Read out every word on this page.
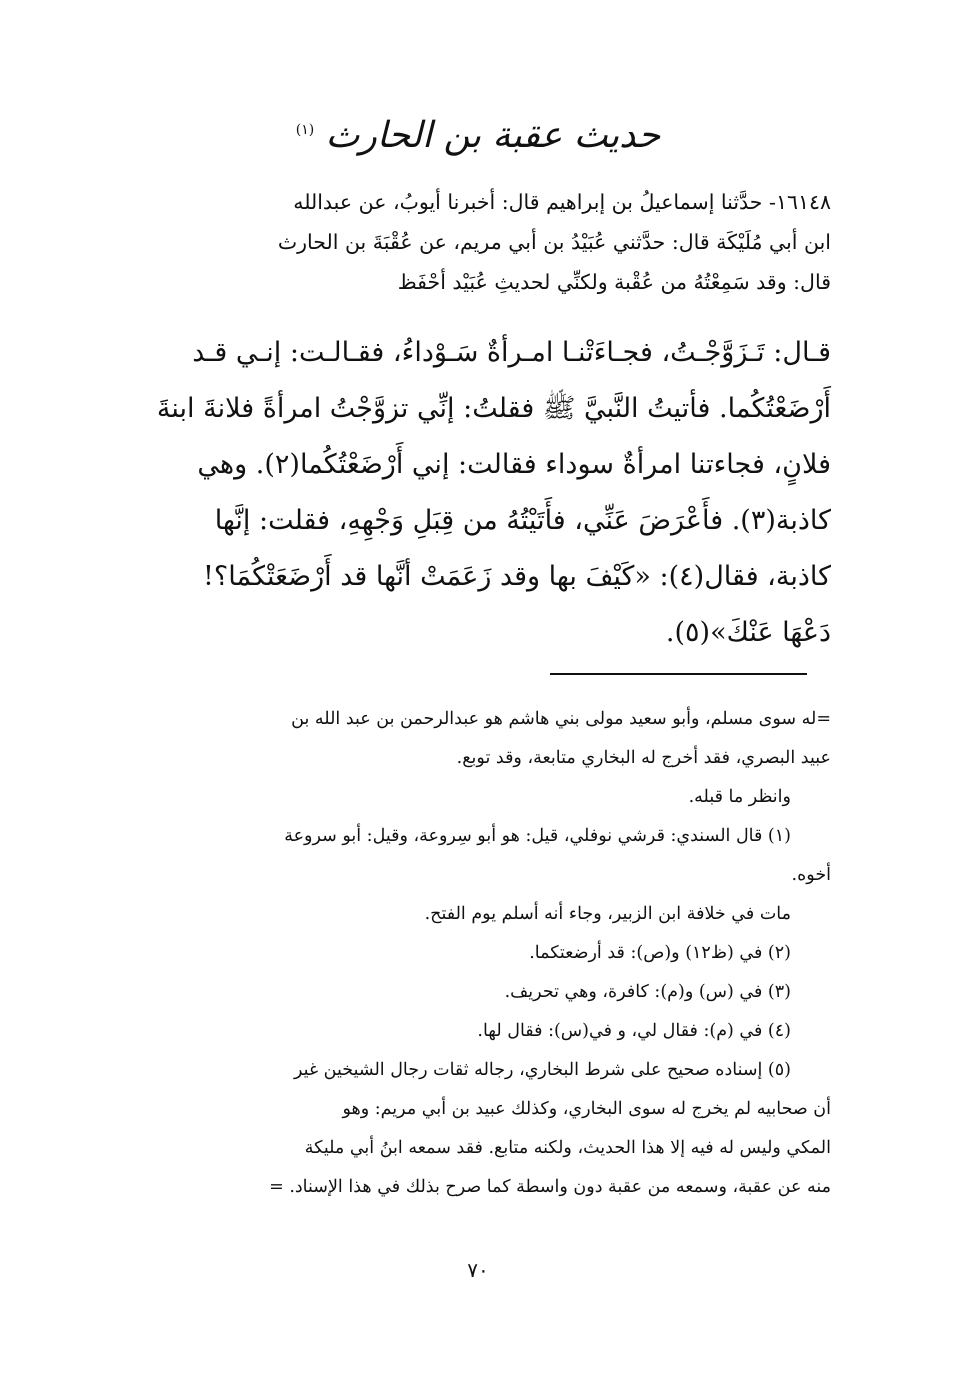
حديث عقبة بن الحارث $^{(١)}$

١٦١٤٨- حدَّثنا إسماعيلُ بن إبراهيم قال: أخبرنا أيوبُ، عن عبدالله

ابن أبي مُلَيْكَة قال: حدَّثني عُبَيْدُ بن أبي مريم، عن عُقْبَةَ بن الحارث

قال: وقد سَمِعْتُهُ من عُقْبة ولكنِّي لحديثِ عُبَيْد أحْفَظ

قـال: تَـزَوَّجْـتُ، فجـاءَتْنـا امـرأةٌ سَـوْداءُ، فقـالـت: إنـي قـد

أَرْضَعْتُكُما. فأتيتُ النَّبيَّ ﷺ فقلتُ: إنِّي تزوَّجْتُ امرأةً فلانةَ ابنةَ

فلانٍ، فجاءتنا امرأةٌ سوداء فقالت: إني أَرْضَعْتُكُما(٢). وهي

كاذبة(٣). فأَعْرَضَ عَنِّي، فأَتَيْتُهُ من قِبَلِ وَجْهِهِ، فقلت: إنَّها

كاذبة، فقال(٤): «كَيْفَ بها وقد زَعَمَتْ أنَّها قد أَرْضَعَتْكُمَا؟!

دَعْهَا عَنْكَ»(٥).

=له سوى مسلم، وأبو سعيد مولى بني هاشم هو عبدالرحمن بن عبد الله بن

عبيد البصري، فقد أخرج له البخاري متابعة، وقد توبع.

وانظر ما قبله.

(١) قال السندي: قرشي نوفلي، قيل: هو أبو سِروعة، وقيل: أبو سروعة

أخوه.

مات في خلافة ابن الزبير، وجاء أنه أسلم يوم الفتح.

(٢) في (ظ١٢) و(ص): قد أرضعتكما.

(٣) في (س) و(م): كافرة، وهي تحريف.

(٤) في (م): فقال لي، و في(س): فقال لها.

(٥) إسناده صحيح على شرط البخاري، رجاله ثقات رجال الشيخين غير

أن صحابيه لم يخرج له سوى البخاري، وكذلك عبيد بن أبي مريم: وهو

المكي وليس له فيه إلا هذا الحديث، ولكنه متابع. فقد سمعه ابنُ أبي مليكة

منه عن عقبة، وسمعه من عقبة دون واسطة كما صرح بذلك في هذا الإسناد. =

٧٠
